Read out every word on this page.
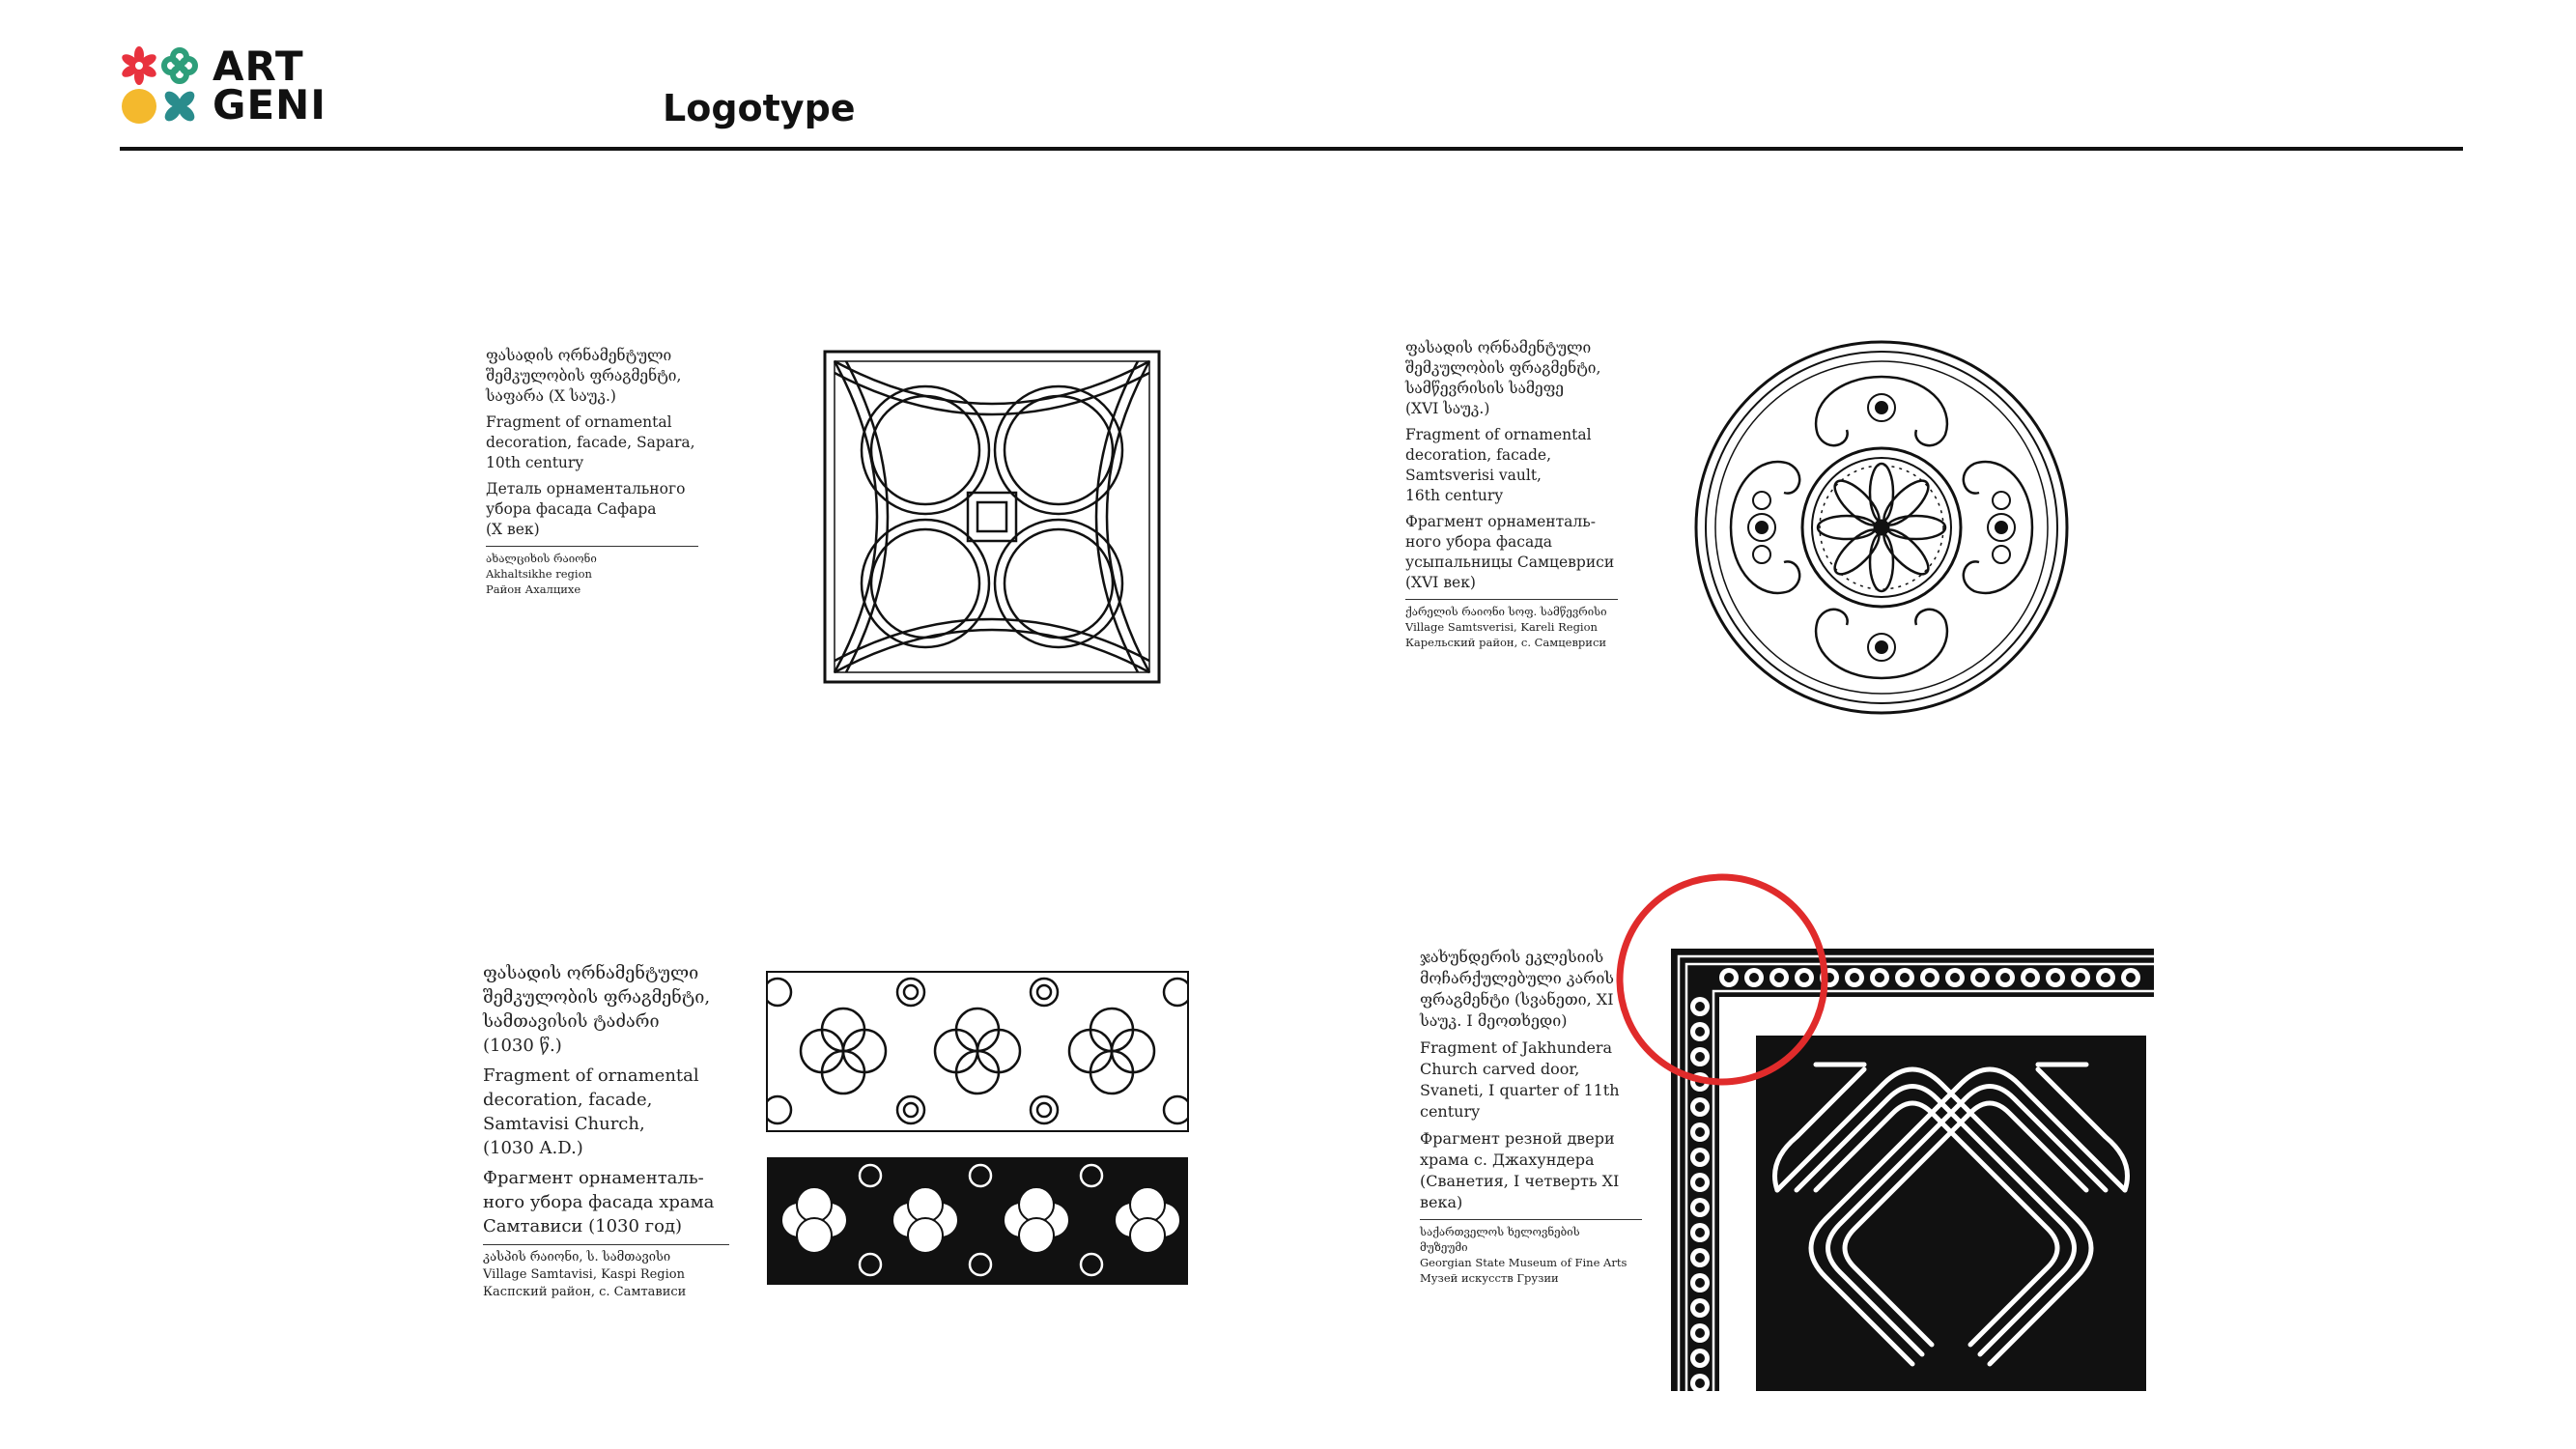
ART
GENI	Logotype
ფასადის ორნამენტული
შემკულობის ფრაგმენტი,
საფარა (X საუკ.)
Fragment of ornamental
decoration, facade, Sapara,
10th century
Деталь орнаментального
убора фасада Сафара
(X век)
ახალციხის რაიონი
Akhaltsikhe region
Район Ахалцихе
ფასადის ორნამენტული
შემკულობის ფრაგმენტი,
სამწევრისის სამეფე
(XVI საუკ.)
Fragment of ornamental
decoration, facade,
Samtsverisi vault,
16th century
Фрагмент орнаменталь-
ного убора фасада
усыпальницы Самцевриси
(XVI век)
ქარელის რაიონი სოფ. სამწევრისი
Village Samtsverisi, Kareli Region
Карельский район, с. Самцевриси
ფასადის ორნამენტული
შემკულობის ფრაგმენტი,
სამთავისის ტაძარი
(1030 წ.)
Fragment of ornamental
decoration, facade,
Samtavisi Church,
(1030 A.D.)
Фрагмент орнаменталь-
ного убора фасада храма
Самтависи (1030 год)
კასპის რაიონი, ს. სამთავისი
Village Samtavisi, Kaspi Region
Каспский район, с. Самтависи
ჯახუნდერის ეკლესიის
მოჩარქულებული კარის
ფრაგმენტი (სვანეთი, XI
საუკ. I მეოთხედი)
Fragment of Jakhundera
Church carved door,
Svaneti, I quarter of 11th
century
Фрагмент резной двери
храма с. Джахундера
(Сванетия, I четверть XI
века)
საქართველოს ხელოვნების
მუზეუმი
Georgian State Museum of Fine Arts
Музей искусств Грузии
